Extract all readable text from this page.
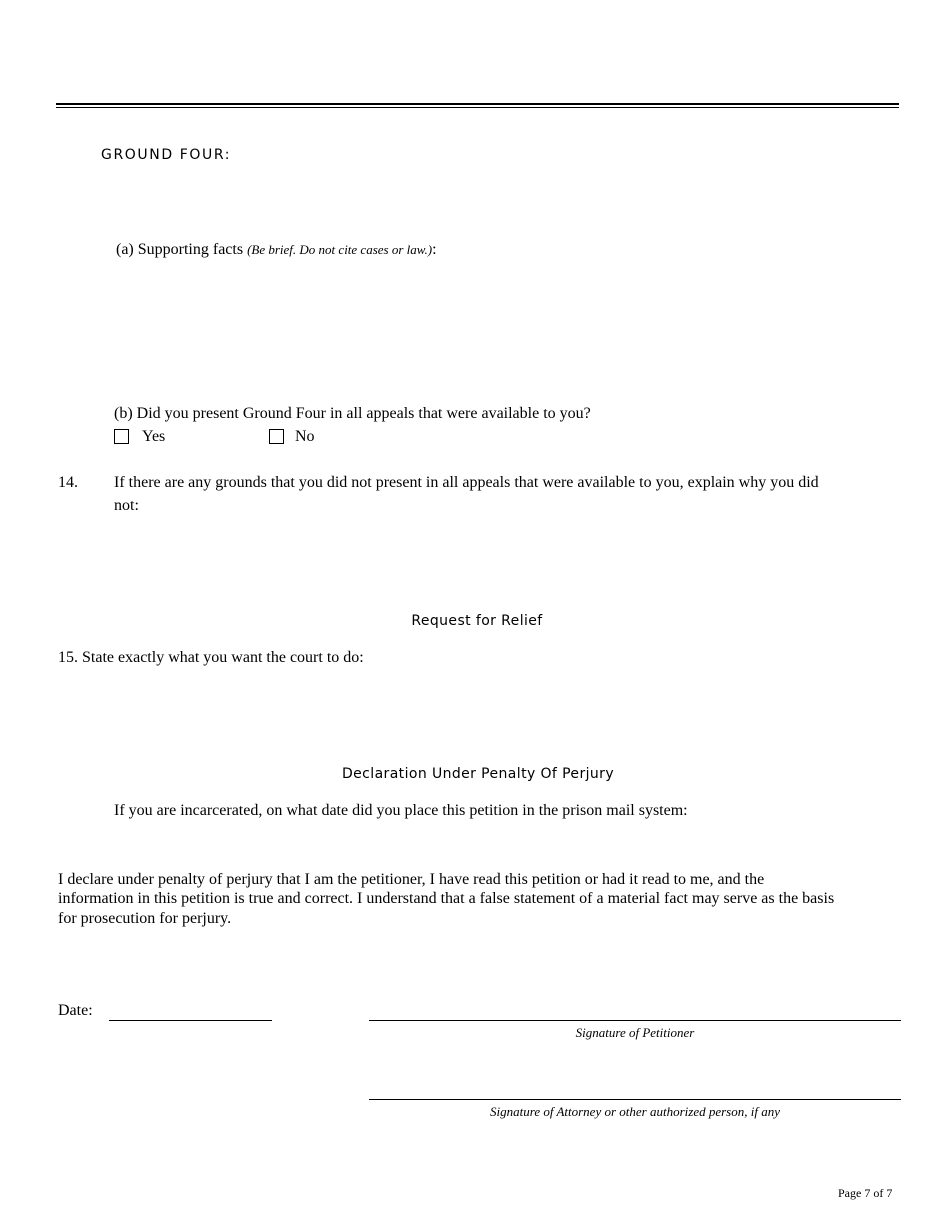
GROUND FOUR:
(a) Supporting facts (Be brief. Do not cite cases or law.):
(b) Did you present Ground Four in all appeals that were available to you?
Yes	No
14. If there are any grounds that you did not present in all appeals that were available to you, explain why you did
not:
Request for Relief
15. State exactly what you want the court to do:
Declaration Under Penalty Of Perjury
If you are incarcerated, on what date did you place this petition in the prison mail system:
I declare under penalty of perjury that I am the petitioner, I have read this petition or had it read to me, and the
information in this petition is true and correct. I understand that a false statement of a material fact may serve as the basis
for prosecution for perjury.
Date:
Signature of Petitioner
Signature of Attorney or other authorized person, if any
Page 7 of 7
